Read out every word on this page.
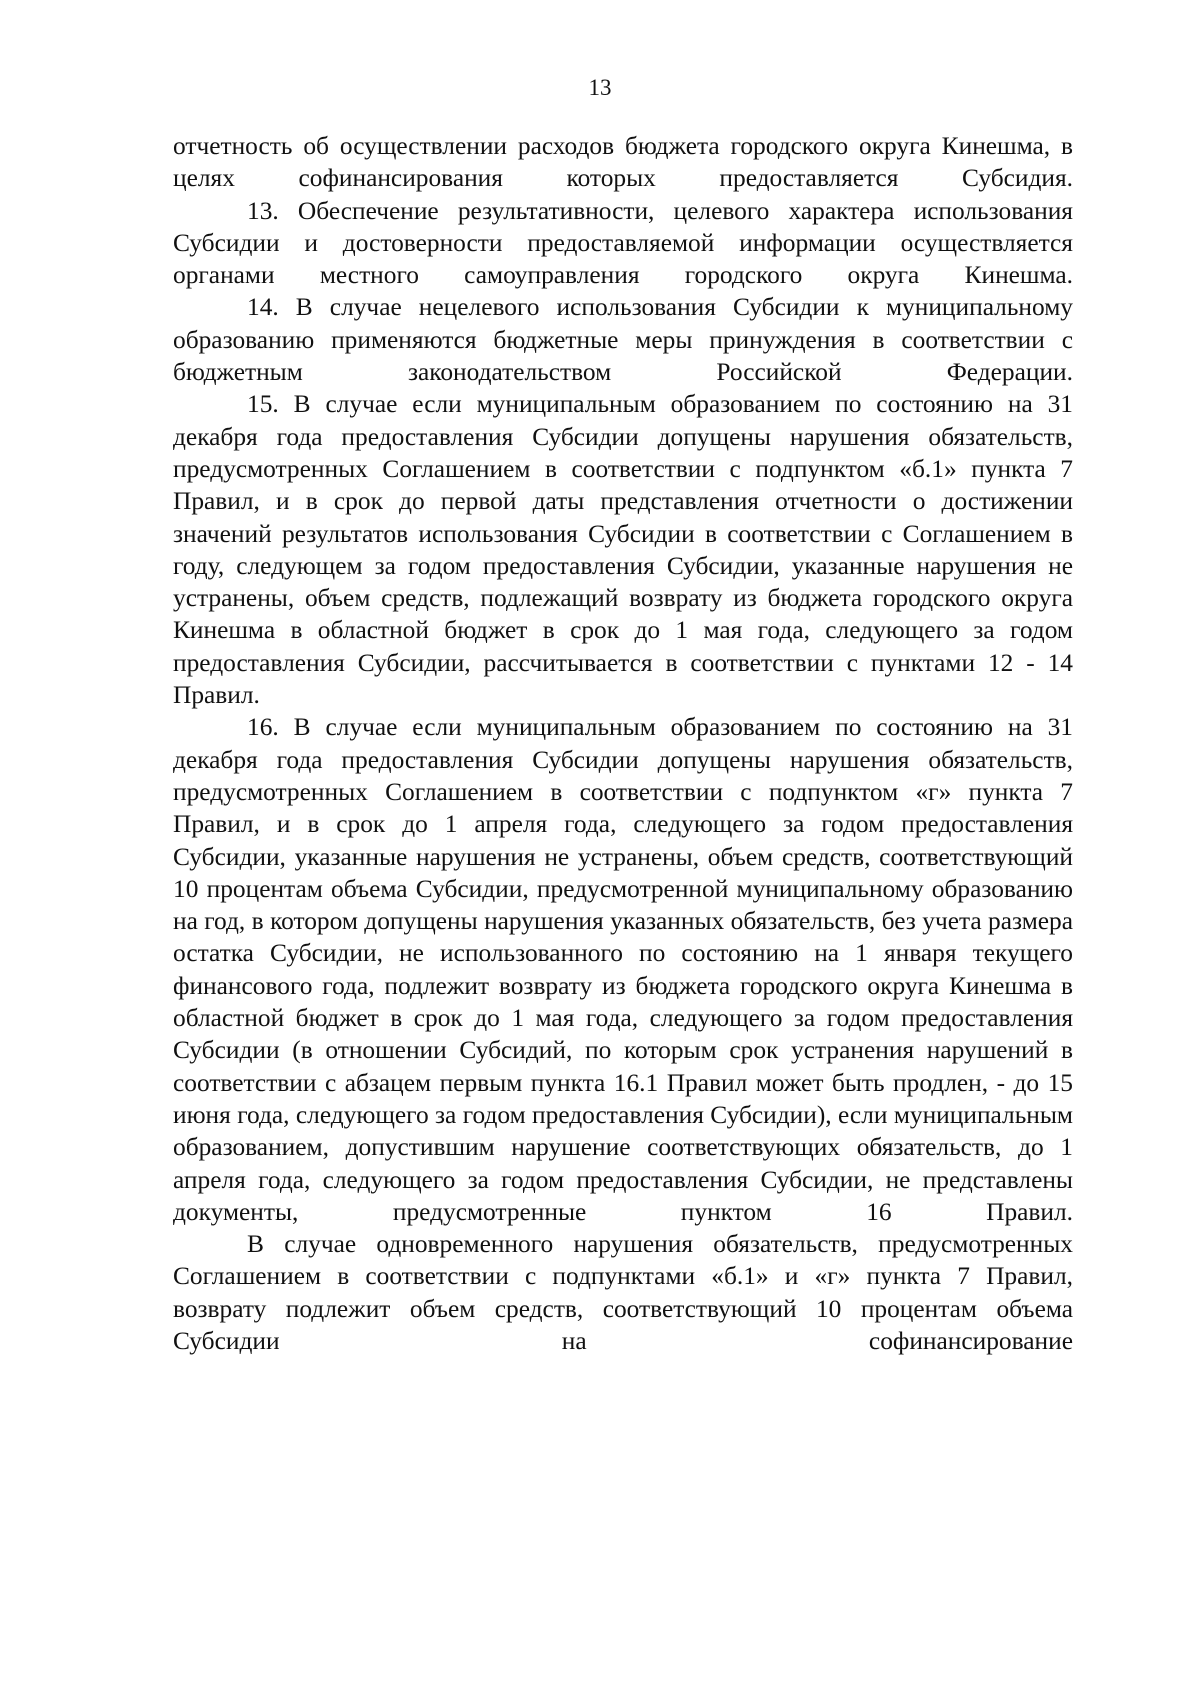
13

отчетность об осуществлении расходов бюджета городского округа Кинешма, в целях софинансирования которых предоставляется Субсидия.

13. Обеспечение результативности, целевого характера использования Субсидии и достоверности предоставляемой информации осуществляется органами местного самоуправления городского округа Кинешма.

14. В случае нецелевого использования Субсидии к муниципальному образованию применяются бюджетные меры принуждения в соответствии с бюджетным законодательством Российской Федерации.

15. В случае если муниципальным образованием по состоянию на 31 декабря года предоставления Субсидии допущены нарушения обязательств, предусмотренных Соглашением в соответствии с подпунктом «б.1» пункта 7 Правил, и в срок до первой даты представления отчетности о достижении значений результатов использования Субсидии в соответствии с Соглашением в году, следующем за годом предоставления Субсидии, указанные нарушения не устранены, объем средств, подлежащий возврату из бюджета городского округа Кинешма в областной бюджет в срок до 1 мая года, следующего за годом предоставления Субсидии, рассчитывается в соответствии с пунктами 12 - 14 Правил.

16. В случае если муниципальным образованием по состоянию на 31 декабря года предоставления Субсидии допущены нарушения обязательств, предусмотренных Соглашением в соответствии с подпунктом «г» пункта 7 Правил, и в срок до 1 апреля года, следующего за годом предоставления Субсидии, указанные нарушения не устранены, объем средств, соответствующий 10 процентам объема Субсидии, предусмотренной муниципальному образованию на год, в котором допущены нарушения указанных обязательств, без учета размера остатка Субсидии, не использованного по состоянию на 1 января текущего финансового года, подлежит возврату из бюджета городского округа Кинешма в областной бюджет в срок до 1 мая года, следующего за годом предоставления Субсидии (в отношении Субсидий, по которым срок устранения нарушений в соответствии с абзацем первым пункта 16.1 Правил может быть продлен, - до 15 июня года, следующего за годом предоставления Субсидии), если муниципальным образованием, допустившим нарушение соответствующих обязательств, до 1 апреля года, следующего за годом предоставления Субсидии, не представлены документы, предусмотренные пунктом 16 Правил.

В случае одновременного нарушения обязательств, предусмотренных Соглашением в соответствии с подпунктами «б.1» и «г» пункта 7 Правил, возврату подлежит объем средств, соответствующий 10 процентам объема Субсидии на софинансирование
